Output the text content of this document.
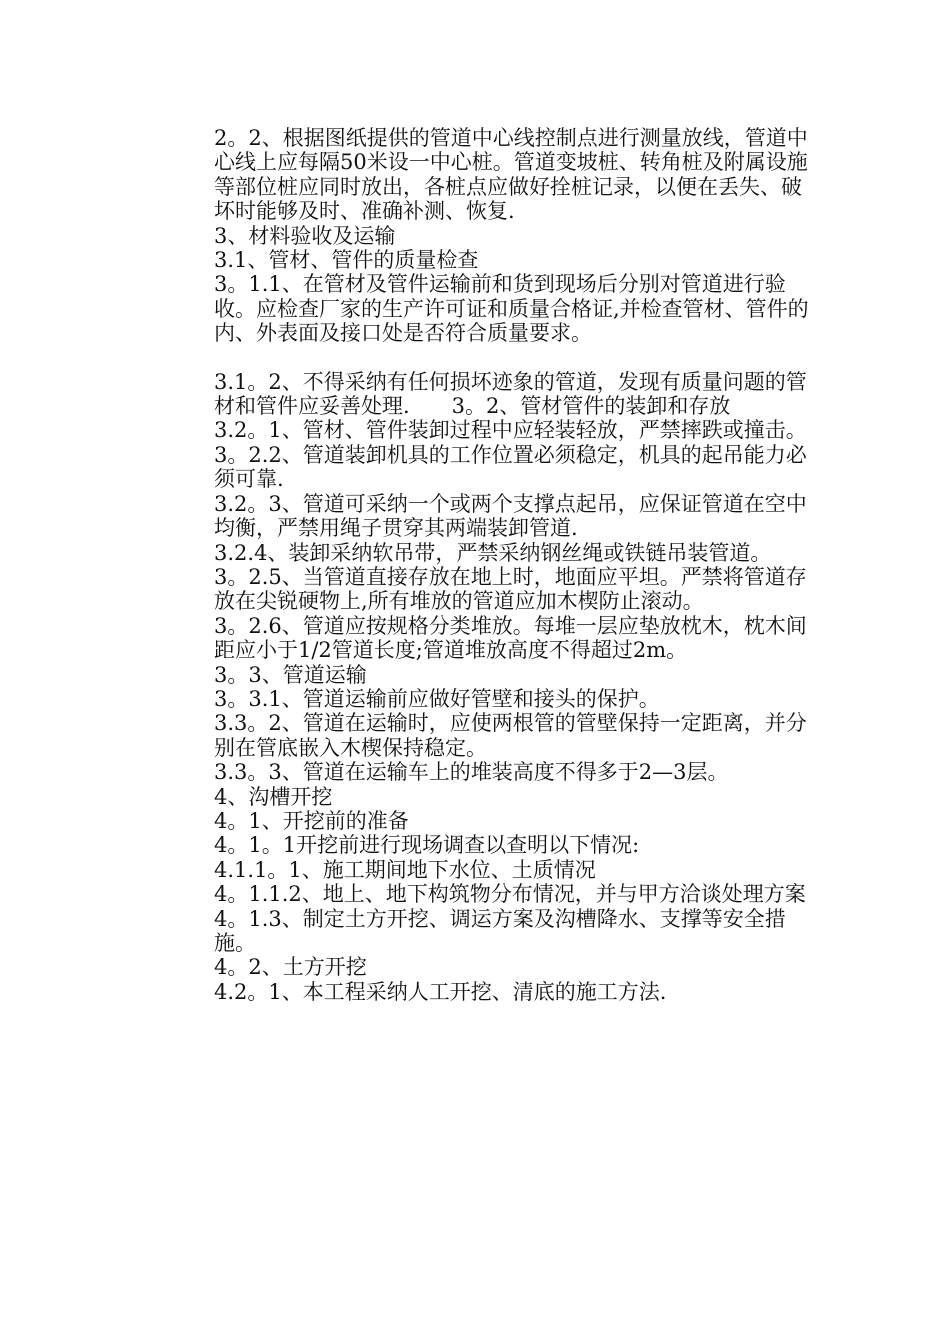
2。2、根据图纸提供的管道中心线控制点进行测量放线，管道中心线上应每隔50米设一中心桩。管道变坡桩、转角桩及附属设施等部位桩应同时放出，各桩点应做好拴桩记录，以便在丢失、破坏时能够及时、准确补测、恢复.

3、材料验收及运输

3.1、管材、管件的质量检查

3。1.1、在管材及管件运输前和货到现场后分别对管道进行验收。应检查厂家的生产许可证和质量合格证,并检查管材、管件的内、外表面及接口处是否符合质量要求。

3.1。2、不得采纳有任何损坏迹象的管道，发现有质量问题的管材和管件应妥善处理.　　3。2、管材管件的装卸和存放

3.2。1、管材、管件装卸过程中应轻装轻放，严禁摔跌或撞击。

3。2.2、管道装卸机具的工作位置必须稳定，机具的起吊能力必须可靠.

3.2。3、管道可采纳一个或两个支撑点起吊，应保证管道在空中均衡，严禁用绳子贯穿其两端装卸管道.

3.2.4、装卸采纳软吊带，严禁采纳钢丝绳或铁链吊装管道。

3。2.5、当管道直接存放在地上时，地面应平坦。严禁将管道存放在尖锐硬物上,所有堆放的管道应加木楔防止滚动。

3。2.6、管道应按规格分类堆放。每堆一层应垫放枕木，枕木间距应小于1/2管道长度;管道堆放高度不得超过2m。

3。3、管道运输

3。3.1、管道运输前应做好管壁和接头的保护。

3.3。2、管道在运输时，应使两根管的管壁保持一定距离，并分别在管底嵌入木楔保持稳定。

3.3。3、管道在运输车上的堆装高度不得多于2—3层。

4、沟槽开挖

4。1、开挖前的准备

4。1。1开挖前进行现场调查以查明以下情况:

4.1.1。1、施工期间地下水位、土质情况

4。1.1.2、地上、地下构筑物分布情况，并与甲方洽谈处理方案

4。1.3、制定土方开挖、调运方案及沟槽降水、支撑等安全措施。

4。2、土方开挖

4.2。1、本工程采纳人工开挖、清底的施工方法.
